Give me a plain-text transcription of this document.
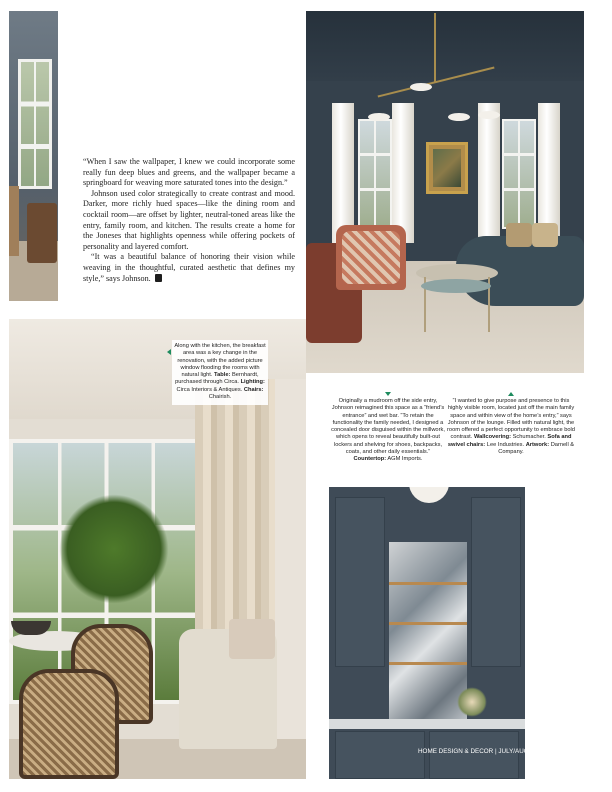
“When I saw the wallpaper, I knew we could incorporate some really fun deep blues and greens, and the wallpaper became a springboard for weaving more saturated tones into the design.”

Johnson used color strategically to create contrast and mood. Darker, more richly hued spaces—like the dining room and cocktail room—are offset by lighter, neutral-toned areas like the entry, family room, and kitchen. The results create a home for the Joneses that highlights openness while offering pockets of personality and layered comfort.

“It was a beautiful balance of honoring their vision while weaving in the thoughtful, curated aesthetic that defines my style,” says Johnson.

Along with the kitchen, the breakfast area was a key change in the renovation, with the added picture window flooding the rooms with natural light. Table: Bernhardt, purchased through Circa. Lighting: Circa Interiors & Antiques. Chairs: Chairish.
Originally a mudroom off the side entry, Johnson reimagined this space as a “friend’s entrance” and wet bar. “To retain the functionality the family needed, I designed a concealed door disguised within the millwork, which opens to reveal beautifully built-out lockers and shelving for shoes, backpacks, coats, and other daily essentials.” Countertop: AGM Imports.
“I wanted to give purpose and presence to this highly visible room, located just off the main family space and within view of the home’s entry,” says Johnson of the lounge. Filled with natural light, the room offered a perfect opportunity to embrace bold contrast. Wallcovering: Schumacher. Sofa and swivel chairs: Lee Industries. Artwork: Darnell & Company.
HOME DESIGN & DECOR | JULY/AUGUST 2025 27
